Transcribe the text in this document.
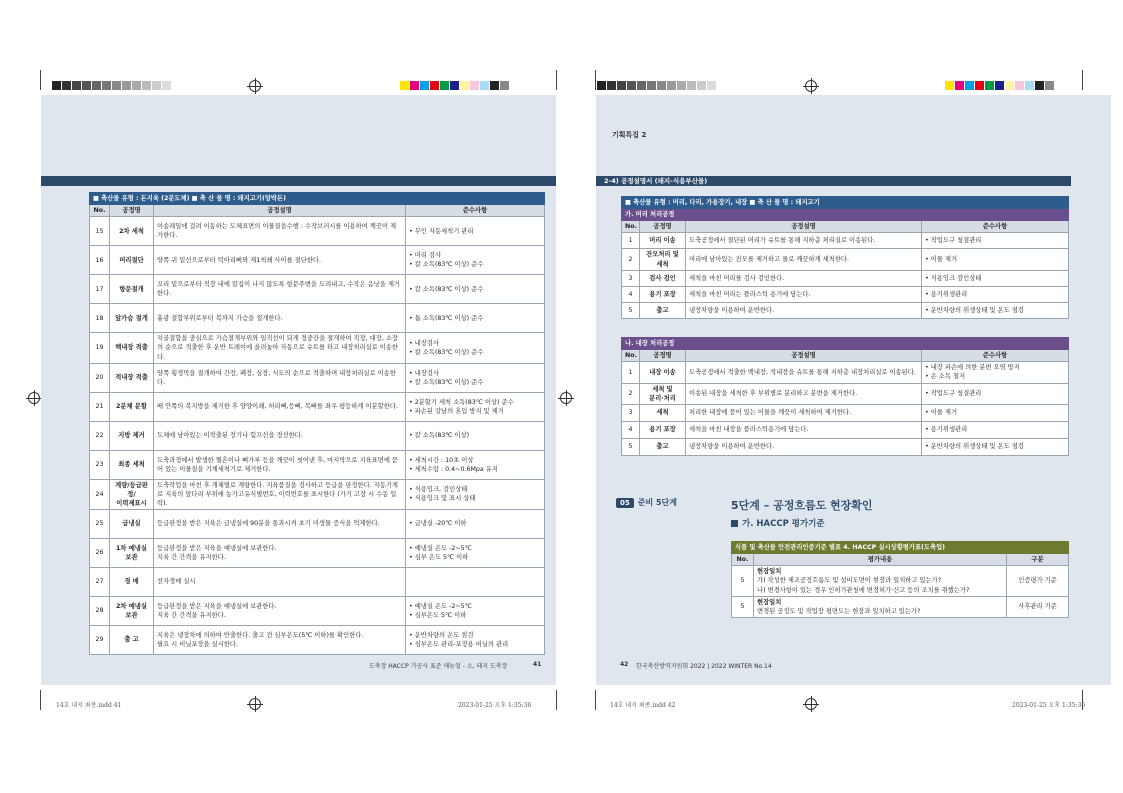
■ 축산물 유형 : 돈지육 (2분도체) ■ 축 산 물 명 : 돼지고기(탕박돈)			
No.	공정명	공정설명	준수사항
15	2차 세척	이송레일에 걸려 이동하는 도체표면의 이물질을수행 : 수작브러시를 이용하여 깨끗이 제거한다.	• 무인 자동세척기 관리
16	머리절단	양쪽 귀 밑선으로부터 턱아리뼈와 제1척쇄 사이를 절단한다.	• 머리 검사
• 칼 소독(83℃ 이상) 준수
17	항문절개	꼬리 밑으로부터 직장 내에 칼집이 나지 않도록 항문주변을 도려내고, 수작은 음낭을 제거한다.	• 칼 소독(83℃ 이상) 준수
18	앞가슴 절개	흉광 결합부위로부터 복까지 가슴을 절개한다.	• 톱 소독(83℃ 이상) 준수
19	백내장 적출	치골결합을 중심으로 가슴절개부위와 일직선이 되게 정중간을 절개하여 직장, 대장, 소장의 순으로 적출한 후 운반 트레이에 올려놓아 자동으로 슈트를 타고 내장처리실로 이송한다.	• 내장검사
• 칼 소독(83℃ 이상) 준수
20	적내장 적출	양쪽 횡경막을 절개하여 간장, 폐장, 심장, 식도의 순으로 적출하며 내장처리실로 이송한다.	• 내장검사
• 칼 소독(83℃ 이상) 준수
21	2분체 분할	배 안쪽의 복지방을 제거한 후 양양이쇄, 허리뼈,등뼈, 목뼈를 좌우 평등하게 이분할한다.	• 2분할기 세척 소독(83℃ 이상) 준수
• 파손된 강날의 혼입 방지 및 제거
22	지방 제거	도체에 남아있는 이작출된 장기나 힘프선을 정선한다.	• 칼 소독(83℃ 이상)
23	최종 세척	도축과정에서 발생한 혈흔이나 뼈가루 등을 깨끗이 씻어낸 후, 마지막으로 지육표면에 묻어 있는 이물질을 기계세척기로 제거한다.	• 세척시간 : 10초 이상
• 세척수압 : 0.4~0.6Mpa 유지
24	계량/등급판정/
이력제표시	도축작업을 마친 후 개체별로 계량한다. 지육품질을 검사하고 등급을 판정한다. 자동기계로 지육의 앞다리 부위에 농가고유식별번호, 이력번호를 표시한다 (가기 고장 시 수동 입력).	• 식용잉크, 검인상태
• 식용잉크 및 표시 상태
25	급냉실	등급판정을 받은 지육은 급냉실에 90분을 통과시켜 초기 미생물 증식을 억제한다.	• 급냉실 -20℃ 이하
26	1차 예냉실
보관	등급판정을 받은 지육을 예냉실에 보관한다.
지육 간 간격을 유지한다.	• 예냉실 온도 -2~5℃
• 심부 온도 5℃ 이하
27	경 매	전자경매 실시	
28	2차 예냉실
보관	등급판정을 받은 지육을 예냉실에 보관한다.
지육 간 간격을 유지한다.	• 예냉실 온도 -2~5℃
• 심부온도 5℃ 이하
29	출 고	지육은 냉장차에 의하여 반출한다. 출고 전 심부온도(5℃ 이하)를 확인한다.
필요 시 비닐포장을 실시한다.	• 운반차량의 온도 점검
• 심부온도 관리-포장용 비닐의 관리
도축장 HACCP 가공사 표준 매뉴얼 - 소, 돼지 도축장	41
기획특집 2
2-4) 공정설명서 (돼지-식용부산물)
■ 축산물 유형 : 머리, 다리, 가용장기, 내장 ■ 축 산 물 명 : 돼지고기			
가. 머리 처리공정			
No.	공정명	공정설명	준수사항
1	머리 이송	도축공정에서 절단된 머리가 슈트를 통해 지하층 처리실로 이송된다.	• 작업도구 청결관리
2	잔모처리 및
세척	머리에 남아있는 잔모를 제거하고 물로 깨끗하게 세척한다.	• 이물 제거
3	검사 검인	세척을 마친 머리를 검사 검인한다.	• 식용잉크 검인상태
4	용기 포장	세척을 마친 머리는 플라스틱 용기에 담는다.	• 용기위생관리
5	출고	냉장차량을 이용하여 운반한다.	• 운반차량의 위생상태 및 온도 점검
나. 내장 처리공정			
No.	공정명	공정설명	준수사항
1	내장 이송	도축공정에서 적출한 백내장, 적내장을 슈트를 통해 지하층 내장처리실로 이송된다.	• 내장 파손에 의한 분변 오염 방지
• 손 소독 철저
2	세척 및
분리·처리	이송된 내장을 세척한 후 부위별로 분리하고 분변을 제거한다.	• 작업도구 청결관리
3	세척	처리한 내장에 묻어 있는 이물을 깨끗이 세척하여 제거한다.	• 이물 제거
4	용기 포장	세척을 마친 내장을 플라스틱용기에 담는다.	• 용기위생관리
5	출고	냉장차량을 이용하여 운반한다.	• 운반차량의 위생상태 및 온도 점검
05	준비 5단계	5단계 – 공정흐름도 현장확인
가. HACCP 평가기준
식품 및 축산물 안전관리인증기준 별표 4. HACCP 실시상황평가표(도축업)		
No.	평가내용	구분
5	현장일치
가) 작성한 제조공정흐름도 및 설비도면이 현장과 일치하고 있는가?
나) 변경사항이 있는 경우 인허가관청에 변경허가·신고 등의 조치를 취했는가?	인증평가 기준
5	현장일치
변경된 공정도 및 작업장 평면도는 현장과 일치하고 있는가?	사후관리 기준
42 한국축산방역지원회 2022 | 2022 WINTER No.14
14호 내지 최종.indd 41	2023-01-25 오후 1:35:36	14호 내지 최종.indd 42	2023-01-25 오후 1:35:36
